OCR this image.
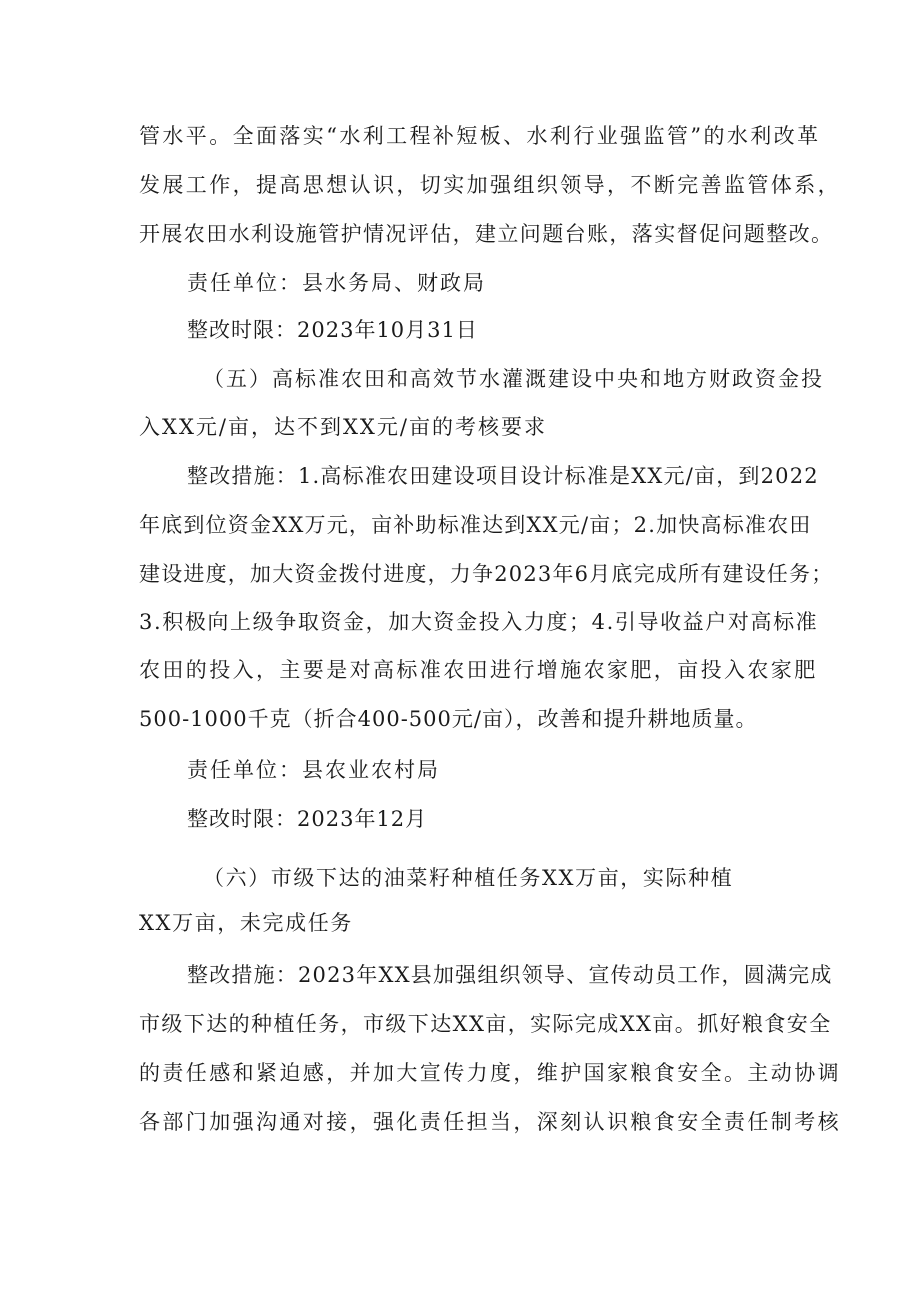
管水平。全面落实“水利工程补短板、水利行业强监管”的水利改革
发展工作，提高思想认识，切实加强组织领导，不断完善监管体系，
开展农田水利设施管护情况评估，建立问题台账，落实督促问题整改。
责任单位：县水务局、财政局
整改时限：2023年10月31日
（五）高标准农田和高效节水灌溉建设中央和地方财政资金投
入XX元/亩，达不到XX元/亩的考核要求
整改措施：1.高标准农田建设项目设计标准是XX元/亩，到2022
年底到位资金XX万元，亩补助标准达到XX元/亩；2.加快高标准农田
建设进度，加大资金拨付进度，力争2023年6月底完成所有建设任务；
3.积极向上级争取资金，加大资金投入力度；4.引导收益户对高标准
农田的投入，主要是对高标准农田进行增施农家肥，亩投入农家肥
500-1000千克（折合400-500元/亩），改善和提升耕地质量。
责任单位：县农业农村局
整改时限：2023年12月
（六）市级下达的油菜籽种植任务XX万亩，实际种植
XX万亩，未完成任务
整改措施：2023年XX县加强组织领导、宣传动员工作，圆满完成
市级下达的种植任务，市级下达XX亩，实际完成XX亩。抓好粮食安全
的责任感和紧迫感，并加大宣传力度，维护国家粮食安全。主动协调
各部门加强沟通对接，强化责任担当，深刻认识粮食安全责任制考核
